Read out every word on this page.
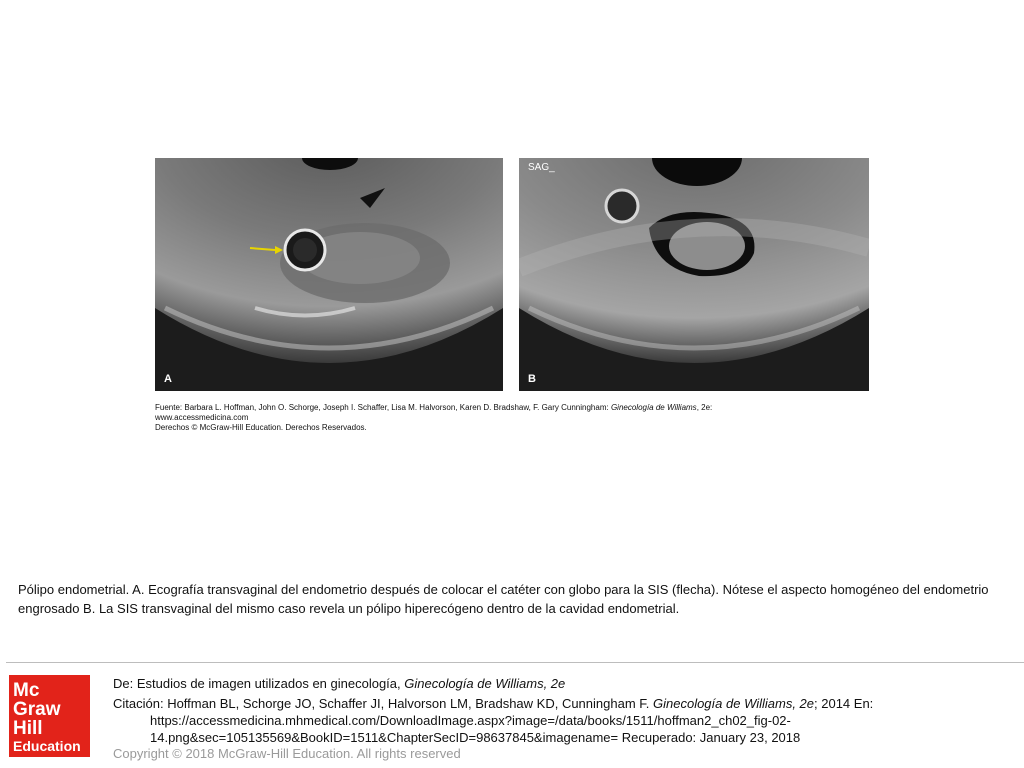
A
SAG_
B
Fuente: Barbara L. Hoffman, John O. Schorge, Joseph I. Schaffer, Lisa M. Halvorson, Karen D. Bradshaw, F. Gary Cunningham: Ginecología de Williams, 2e:
www.accessmedicina.com
Derechos © McGraw-Hill Education. Derechos Reservados.
Pólipo endometrial. A. Ecografía transvaginal del endometrio después de colocar el catéter con globo para la SIS (flecha). Nótese el aspecto homogéneo del endometrio engrosado B. La SIS transvaginal del mismo caso revela un pólipo hiperecógeno dentro de la cavidad endometrial.
Mc
Graw
Hill
Education
De: Estudios de imagen utilizados en ginecología, Ginecología de Williams, 2e
Citación: Hoffman BL, Schorge JO, Schaffer JI, Halvorson LM, Bradshaw KD, Cunningham F. Ginecología de Williams, 2e; 2014 En:
https://accessmedicina.mhmedical.com/DownloadImage.aspx?image=/data/books/1511/hoffman2_ch02_fig-02-
14.png&sec=105135569&BookID=1511&ChapterSecID=98637845&imagename= Recuperado: January 23, 2018
Copyright © 2018 McGraw-Hill Education. All rights reserved
